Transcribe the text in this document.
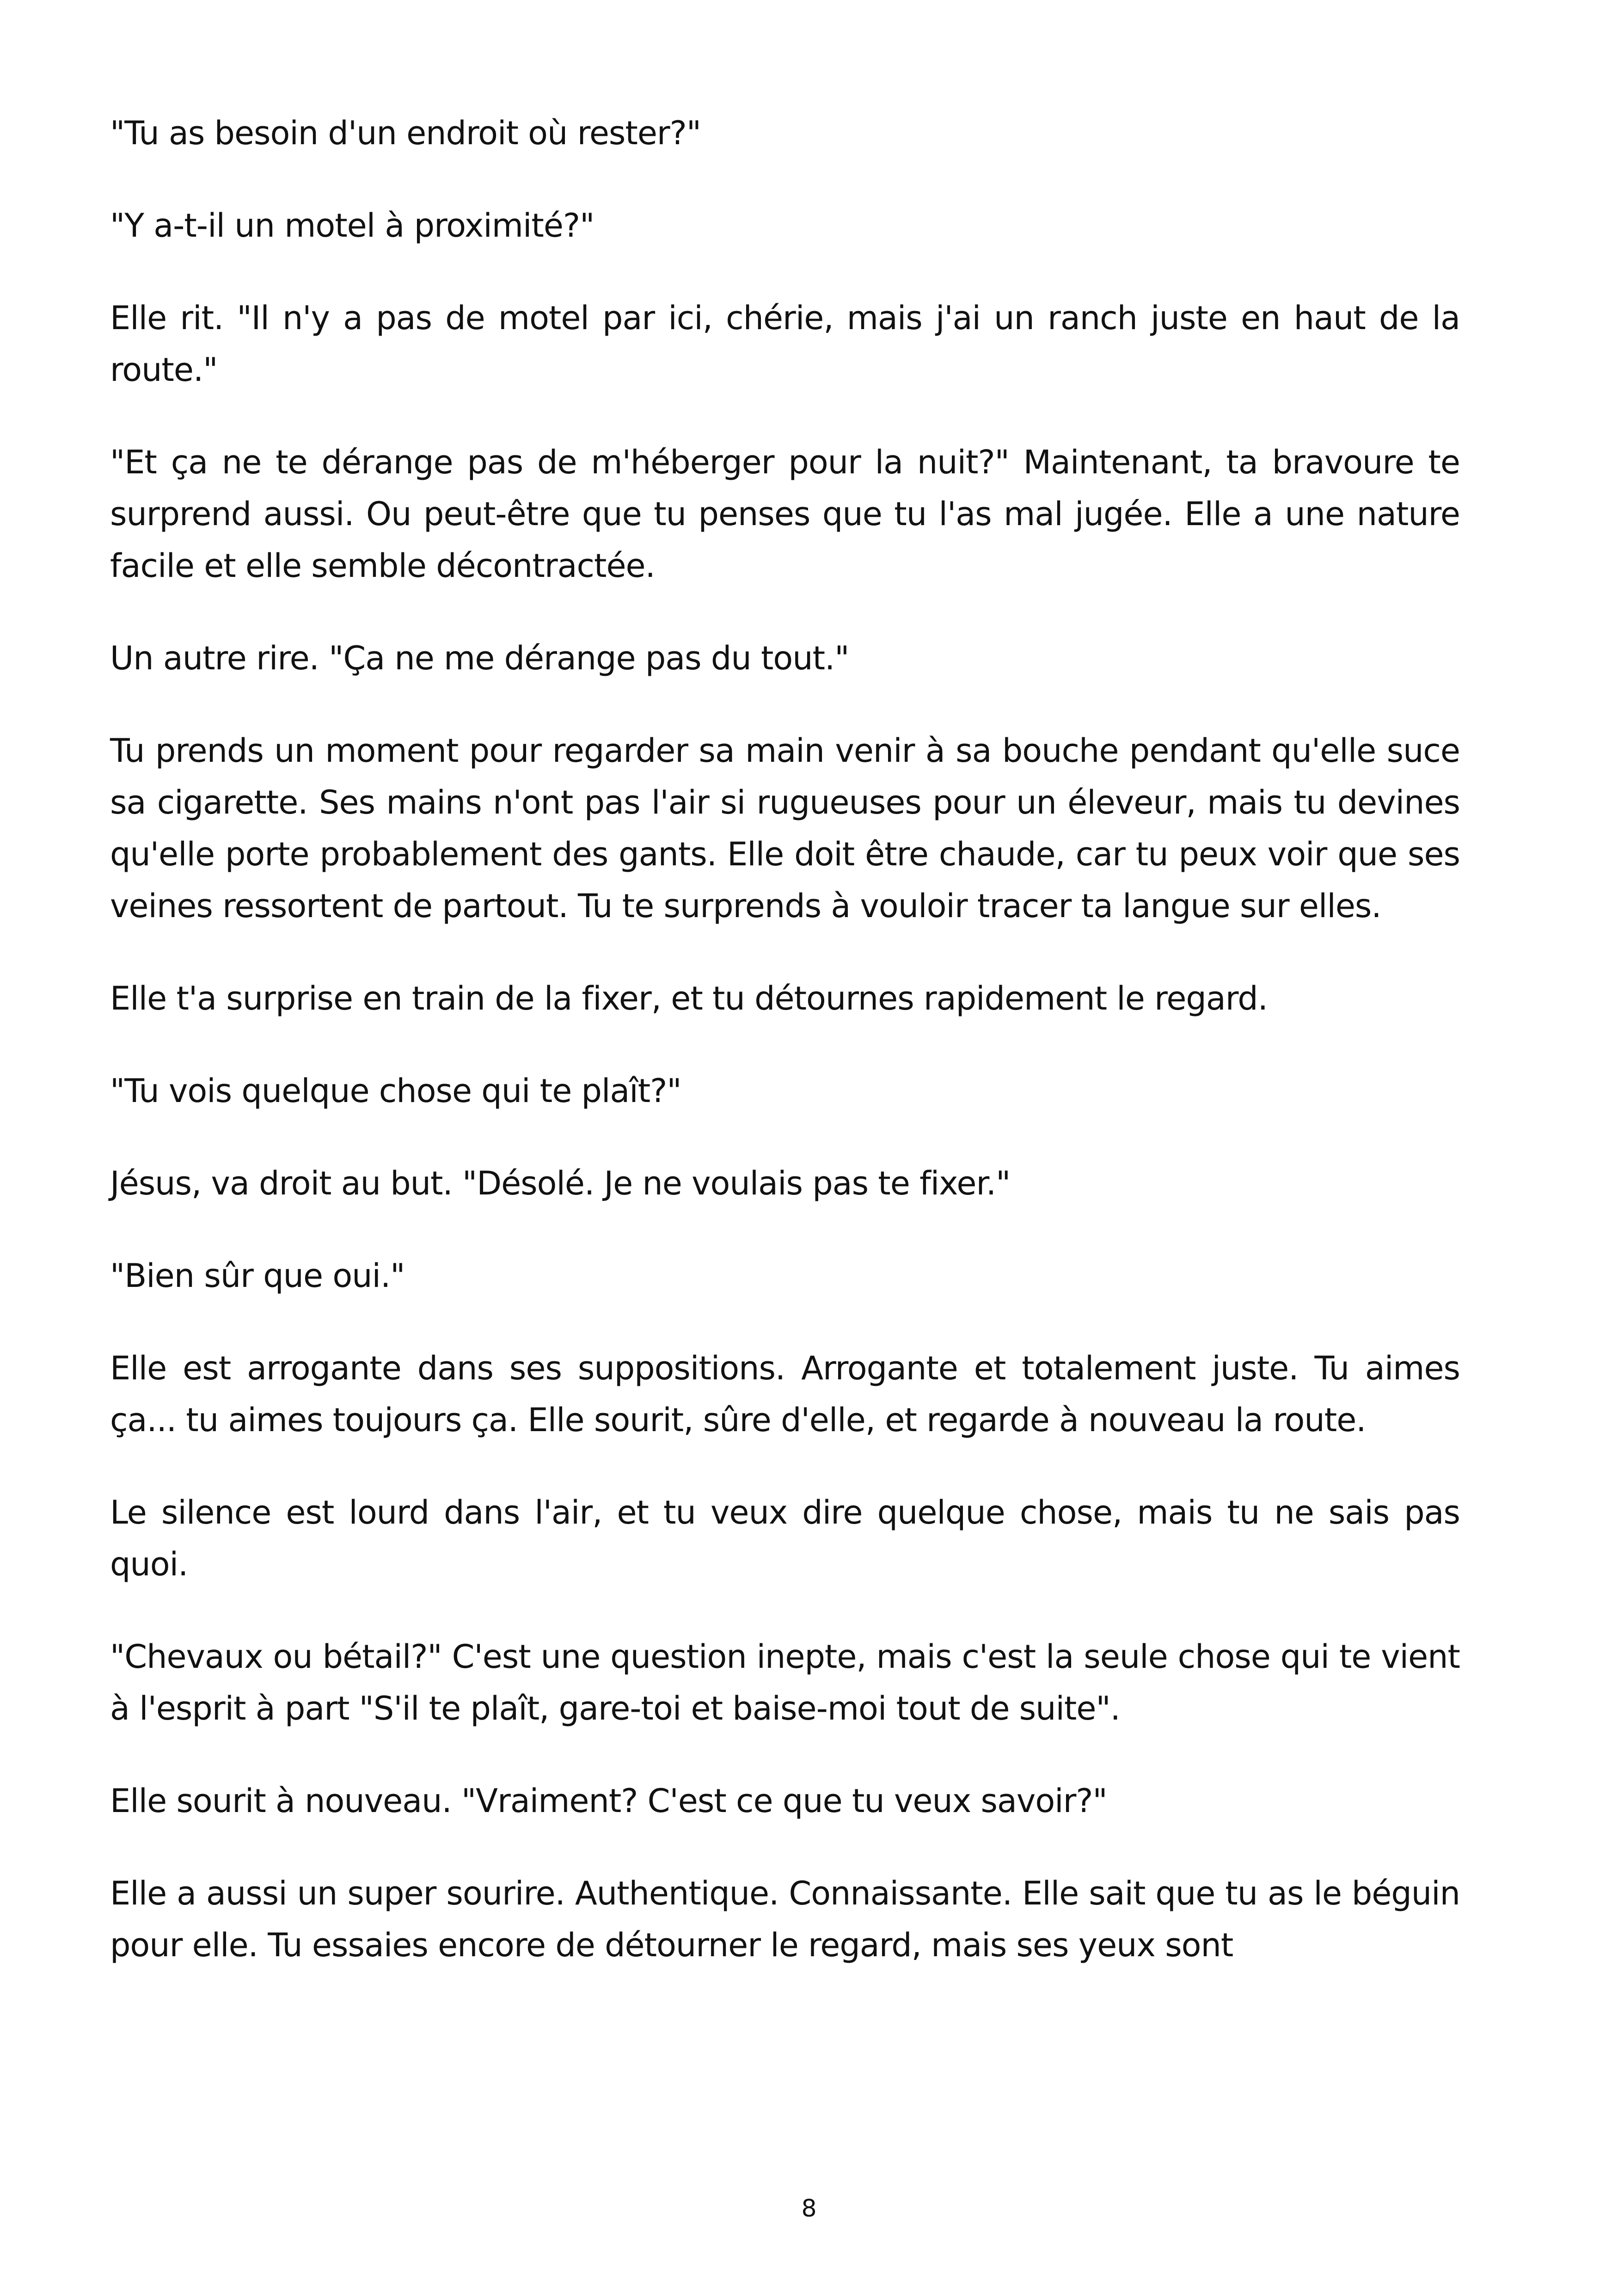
"Tu as besoin d'un endroit où rester?"

"Y a-t-il un motel à proximité?"

Elle rit. "Il n'y a pas de motel par ici, chérie, mais j'ai un ranch juste en haut de la route."

"Et ça ne te dérange pas de m'héberger pour la nuit?" Maintenant, ta bravoure te surprend aussi. Ou peut-être que tu penses que tu l'as mal jugée. Elle a une nature facile et elle semble décontractée.

Un autre rire. "Ça ne me dérange pas du tout."

Tu prends un moment pour regarder sa main venir à sa bouche pendant qu'elle suce sa cigarette. Ses mains n'ont pas l'air si rugueuses pour un éleveur, mais tu devines qu'elle porte probablement des gants. Elle doit être chaude, car tu peux voir que ses veines ressortent de partout. Tu te surprends à vouloir tracer ta langue sur elles.

Elle t'a surprise en train de la fixer, et tu détournes rapidement le regard.

"Tu vois quelque chose qui te plaît?"

Jésus, va droit au but. "Désolé. Je ne voulais pas te fixer."

"Bien sûr que oui."

Elle est arrogante dans ses suppositions. Arrogante et totalement juste. Tu aimes ça... tu aimes toujours ça. Elle sourit, sûre d'elle, et regarde à nouveau la route.

Le silence est lourd dans l'air, et tu veux dire quelque chose, mais tu ne sais pas quoi.

"Chevaux ou bétail?" C'est une question inepte, mais c'est la seule chose qui te vient à l'esprit à part "S'il te plaît, gare-toi et baise-moi tout de suite".

Elle sourit à nouveau. "Vraiment? C'est ce que tu veux savoir?"

Elle a aussi un super sourire. Authentique. Connaissante. Elle sait que tu as le béguin pour elle. Tu essaies encore de détourner le regard, mais ses yeux sont

8
